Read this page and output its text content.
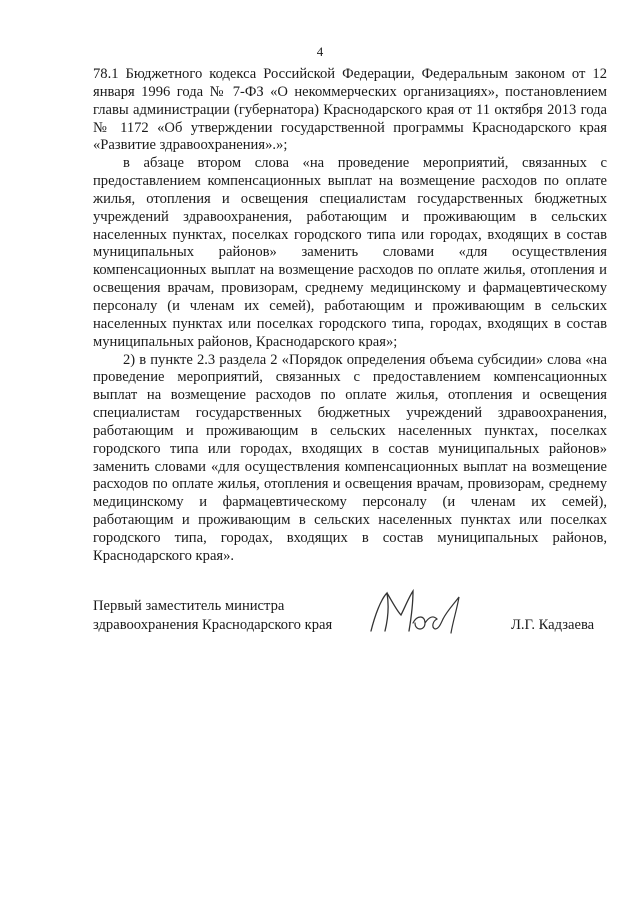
4

78.1 Бюджетного кодекса Российской Федерации, Федеральным законом от 12 января 1996 года № 7-ФЗ «О некоммерческих организациях», постановлением главы администрации (губернатора) Краснодарского края от 11 октября 2013 года № 1172 «Об утверждении государственной программы Краснодарского края «Развитие здравоохранения».»;

в абзаце втором слова «на проведение мероприятий, связанных с предоставлением компенсационных выплат на возмещение расходов по оплате жилья, отопления и освещения специалистам государственных бюджетных учреждений здравоохранения, работающим и проживающим в сельских населенных пунктах, поселках городского типа или городах, входящих в состав муниципальных районов» заменить словами «для осуществления компенсационных выплат на возмещение расходов по оплате жилья, отопления и освещения врачам, провизорам, среднему медицинскому и фармацевтическому персоналу (и членам их семей), работающим и проживающим в сельских населенных пунктах или поселках городского типа, городах, входящих в состав муниципальных районов, Краснодарского края»;

2) в пункте 2.3 раздела 2 «Порядок определения объема субсидии» слова «на проведение мероприятий, связанных с предоставлением компенсационных выплат на возмещение расходов по оплате жилья, отопления и освещения специалистам государственных бюджетных учреждений здравоохранения, работающим и проживающим в сельских населенных пунктах, поселках городского типа или городах, входящих в состав муниципальных районов» заменить словами «для осуществления компенсационных выплат на возмещение расходов по оплате жилья, отопления и освещения врачам, провизорам, среднему медицинскому и фармацевтическому персоналу (и членам их семей), работающим и проживающим в сельских населенных пунктах или поселках городского типа, городах, входящих в состав муниципальных районов, Краснодарского края».

Первый заместитель министра
здравоохранения Краснодарского края	Л.Г. Кадзаева
